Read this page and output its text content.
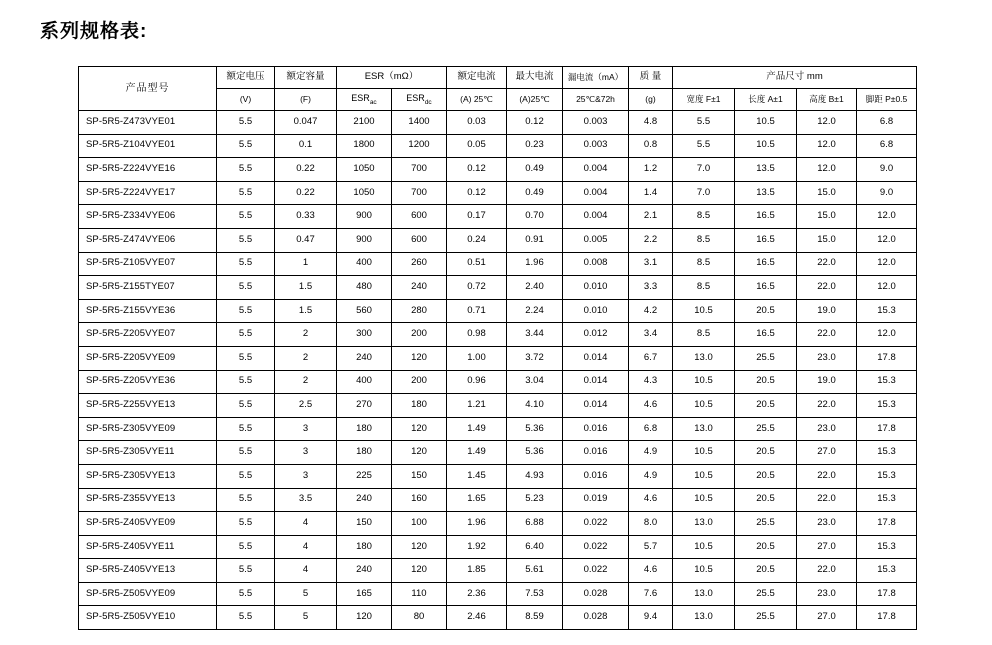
系列规格表:
产品型号	额定电压	额定容量	ESR（mΩ）		额定电流	最大电流	漏电流（mA）	质 量	产品尺寸 mm			

	(V)	(F)	$ESR_{ac}$	$ESR_{dc}$	(A) 25℃	(A)25℃	25℃&72h	(g)	宽度 F±1	长度 A±1	高度 B±1	脚距 P±0.5
SP-5R5-Z473VYE01	5.5	0.047	2100	1400	0.03	0.12	0.003	4.8	5.5	10.5	12.0	6.8
SP-5R5-Z104VYE01	5.5	0.1	1800	1200	0.05	0.23	0.003	0.8	5.5	10.5	12.0	6.8
SP-5R5-Z224VYE16	5.5	0.22	1050	700	0.12	0.49	0.004	1.2	7.0	13.5	12.0	9.0
SP-5R5-Z224VYE17	5.5	0.22	1050	700	0.12	0.49	0.004	1.4	7.0	13.5	15.0	9.0
SP-5R5-Z334VYE06	5.5	0.33	900	600	0.17	0.70	0.004	2.1	8.5	16.5	15.0	12.0
SP-5R5-Z474VYE06	5.5	0.47	900	600	0.24	0.91	0.005	2.2	8.5	16.5	15.0	12.0
SP-5R5-Z105VYE07	5.5	1	400	260	0.51	1.96	0.008	3.1	8.5	16.5	22.0	12.0
SP-5R5-Z155TYE07	5.5	1.5	480	240	0.72	2.40	0.010	3.3	8.5	16.5	22.0	12.0
SP-5R5-Z155VYE36	5.5	1.5	560	280	0.71	2.24	0.010	4.2	10.5	20.5	19.0	15.3
SP-5R5-Z205VYE07	5.5	2	300	200	0.98	3.44	0.012	3.4	8.5	16.5	22.0	12.0
SP-5R5-Z205VYE09	5.5	2	240	120	1.00	3.72	0.014	6.7	13.0	25.5	23.0	17.8
SP-5R5-Z205VYE36	5.5	2	400	200	0.96	3.04	0.014	4.3	10.5	20.5	19.0	15.3
SP-5R5-Z255VYE13	5.5	2.5	270	180	1.21	4.10	0.014	4.6	10.5	20.5	22.0	15.3
SP-5R5-Z305VYE09	5.5	3	180	120	1.49	5.36	0.016	6.8	13.0	25.5	23.0	17.8
SP-5R5-Z305VYE11	5.5	3	180	120	1.49	5.36	0.016	4.9	10.5	20.5	27.0	15.3
SP-5R5-Z305VYE13	5.5	3	225	150	1.45	4.93	0.016	4.9	10.5	20.5	22.0	15.3
SP-5R5-Z355VYE13	5.5	3.5	240	160	1.65	5.23	0.019	4.6	10.5	20.5	22.0	15.3
SP-5R5-Z405VYE09	5.5	4	150	100	1.96	6.88	0.022	8.0	13.0	25.5	23.0	17.8
SP-5R5-Z405VYE11	5.5	4	180	120	1.92	6.40	0.022	5.7	10.5	20.5	27.0	15.3
SP-5R5-Z405VYE13	5.5	4	240	120	1.85	5.61	0.022	4.6	10.5	20.5	22.0	15.3
SP-5R5-Z505VYE09	5.5	5	165	110	2.36	7.53	0.028	7.6	13.0	25.5	23.0	17.8
SP-5R5-Z505VYE10	5.5	5	120	80	2.46	8.59	0.028	9.4	13.0	25.5	27.0	17.8
